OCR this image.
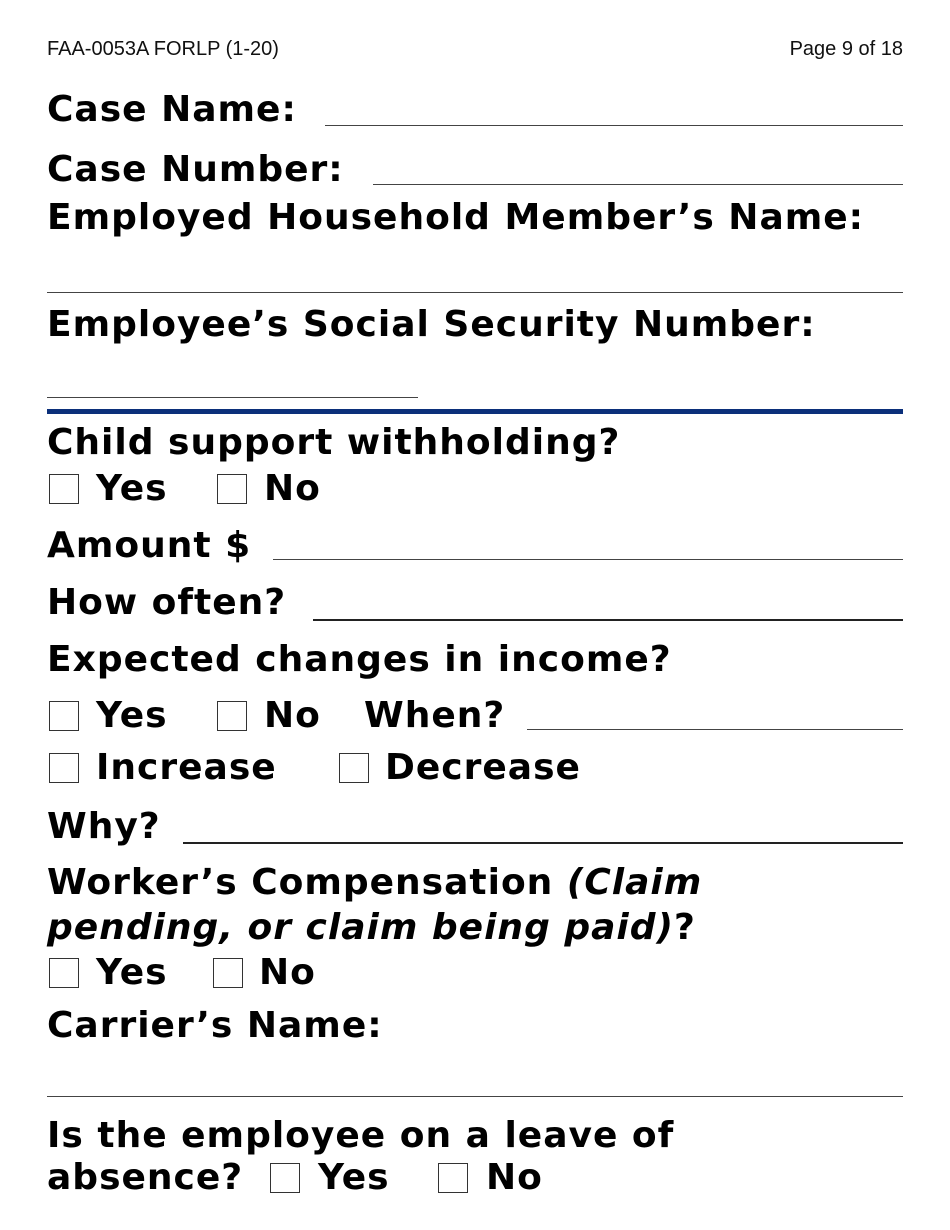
FAA-0053A FORLP (1-20)	Page 9 of 18
Case Name:
Case Number:
Employed Household Member’s Name:
Employee’s Social Security Number:
Child support withholding?
Yes	No
Amount $
How often?
Expected changes in income?
Yes	No When?
Increase	Decrease
Why?
Worker’s Compensation (Claim
pending, or claim being paid)?
Yes	No
Carrier’s Name:
Is the employee on a leave of
absence? Yes	No
